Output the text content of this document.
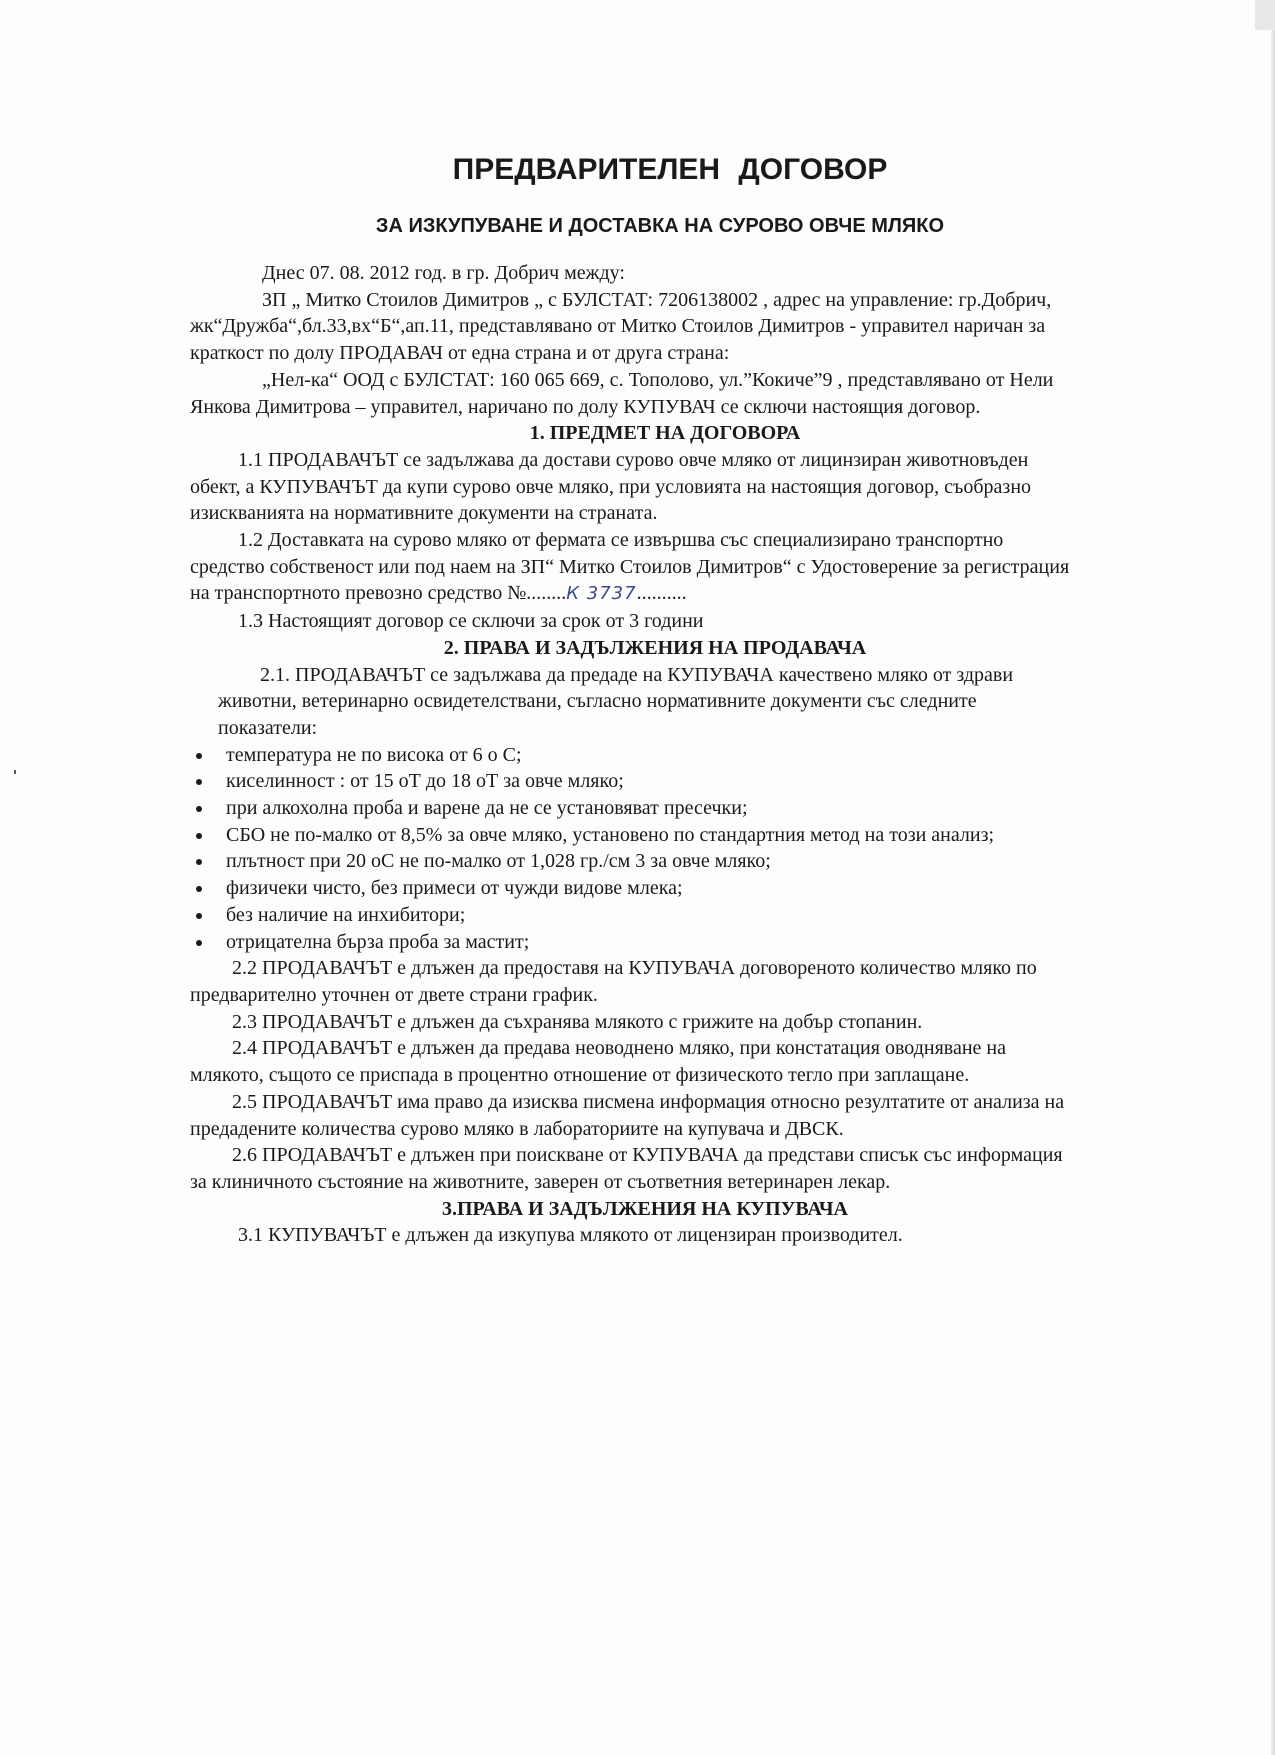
ПРЕДВАРИТЕЛЕН ДОГОВОР
ЗА ИЗКУПУВАНЕ И ДОСТАВКА НА СУРОВО ОВЧЕ МЛЯКО

Днес 07. 08. 2012 год. в гр. Добрич между:

ЗП „ Митко Стоилов Димитров „ с БУЛСТАТ: 7206138002 , адрес на управление: гр.Добрич, жк“Дружба“,бл.33,вх“Б“,ап.11, представлявано от Митко Стоилов Димитров - управител наричан за краткост по долу ПРОДАВАЧ от една страна и от друга страна:

„Нел-ка“ ООД с БУЛСТАТ: 160 065 669, с. Тополово, ул.”Кокиче”9 , представлявано от Нели Янкова Димитрова – управител, наричано по долу КУПУВАЧ се сключи настоящия договор.

1. ПРЕДМЕТ НА ДОГОВОРА

1.1 ПРОДАВАЧЪТ се задължава да достави сурово овче мляко от лицинзиран животновъден обект, а КУПУВАЧЪТ да купи сурово овче мляко, при условията на настоящия договор, съобразно изискванията на нормативните документи на страната.

1.2 Доставката на сурово мляко от фермата се извършва със специализирано транспортно средство собственост или под наем на ЗП“ Митко Стоилов Димитров“ с Удостоверение за регистрация на транспортното превозно средство №........К 3737..........

1.3 Настоящият договор се сключи за срок от 3 години

2. ПРАВА И ЗАДЪЛЖЕНИЯ НА ПРОДАВАЧА

2.1. ПРОДАВАЧЪТ се задължава да предаде на КУПУВАЧА качествено мляко от здрави животни, ветеринарно освидетелствани, съгласно нормативните документи със следните показатели:

температура не по висока от 6 о С;
киселинност : от 15 оТ до 18 оТ за овче мляко;
при алкохолна проба и варене да не се установяват пресечки;
СБО не по-малко от 8,5% за овче мляко, установено по стандартния метод на този анализ;
плътност при 20 оС не по-малко от 1,028 гр./см 3 за овче мляко;
физичеки чисто, без примеси от чужди видове млека;
без наличие на инхибитори;
отрицателна бърза проба за мастит;

2.2 ПРОДАВАЧЪТ е длъжен да предоставя на КУПУВАЧА договореното количество мляко по предварително уточнен от двете страни график.

2.3 ПРОДАВАЧЪТ е длъжен да съхранява млякото с грижите на добър стопанин.

2.4 ПРОДАВАЧЪТ е длъжен да предава неоводнено мляко, при констатация оводняване на млякото, същото се приспада в процентно отношение от физическото тегло при заплащане.

2.5 ПРОДАВАЧЪТ има право да изисква писмена информация относно резултатите от анализа на предадените количества сурово мляко в лабораториите на купувача и ДВСК.

2.6 ПРОДАВАЧЪТ е длъжен при поискване от КУПУВАЧА да представи списък със информация за клиничното състояние на животните, заверен от съответния ветеринарен лекар.

3.ПРАВА И ЗАДЪЛЖЕНИЯ НА КУПУВАЧА

3.1 КУПУВАЧЪТ е длъжен да изкупува млякото от лицензиран производител.
